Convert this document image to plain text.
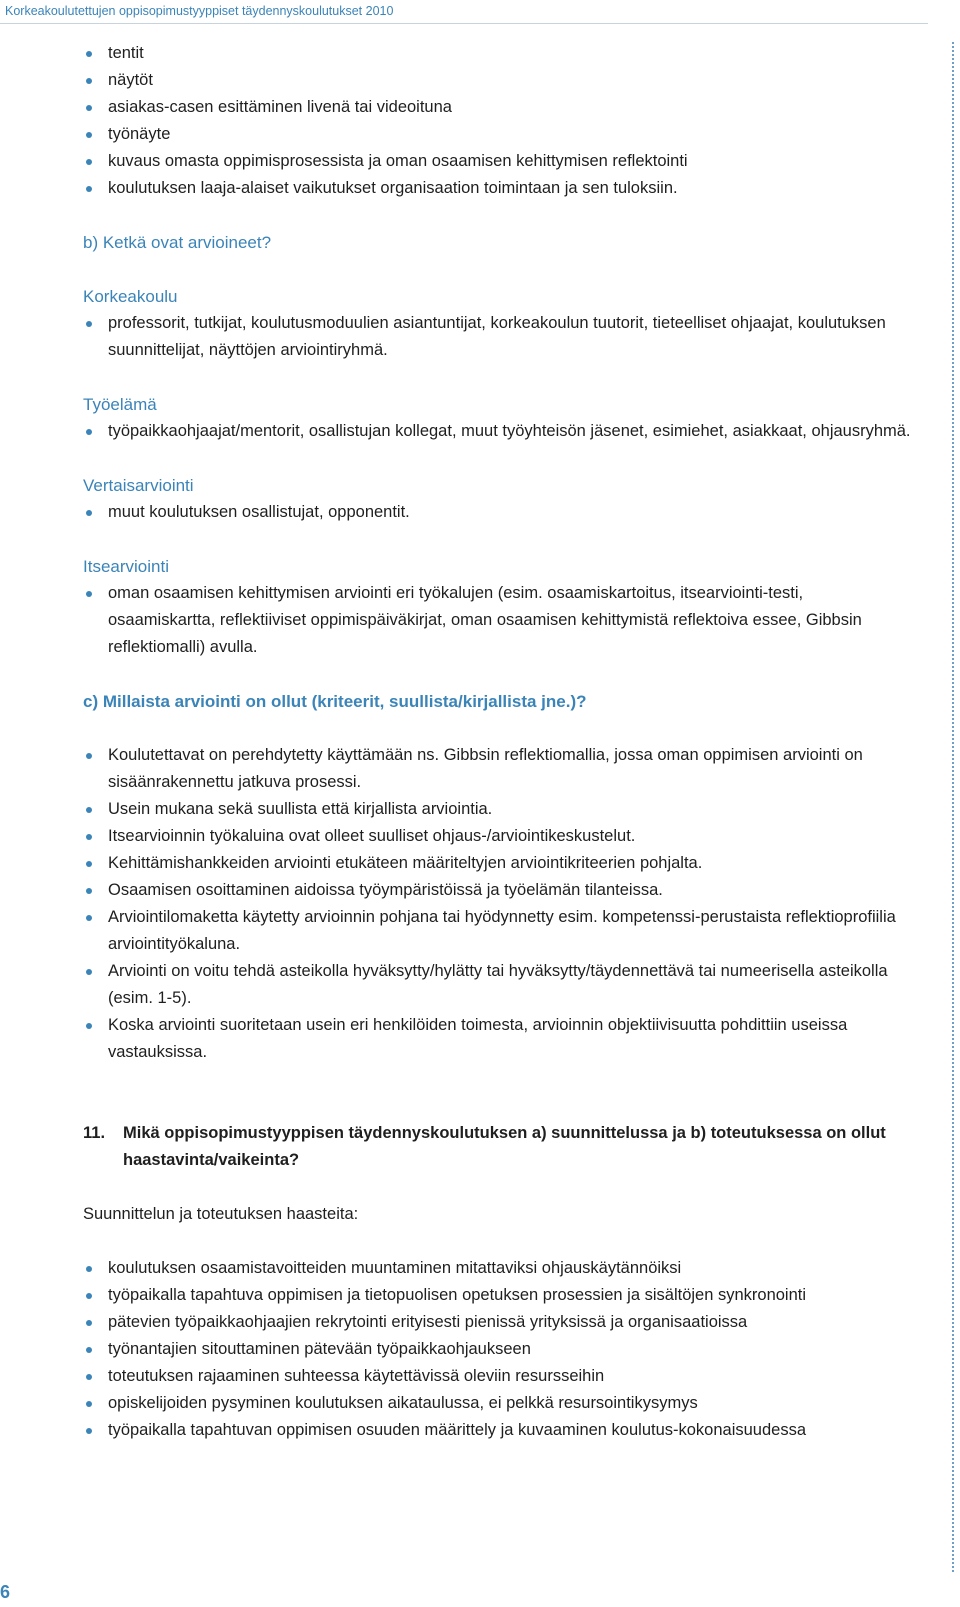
Korkeakoulutettujen oppisopimustyyppiset täydennyskoulutukset 2010
6
tentit
näytöt
asiakas-casen esittäminen livenä tai videoituna
työnäyte
kuvaus omasta oppimisprosessista ja oman osaamisen kehittymisen reflektointi
koulutuksen laaja-alaiset vaikutukset organisaation toimintaan ja sen tuloksiin.
b) Ketkä ovat arvioineet?
Korkeakoulu
professorit, tutkijat, koulutusmoduulien asiantuntijat, korkeakoulun tuutorit, tieteelliset ohjaajat, koulutuksen suunnittelijat, näyttöjen arviointiryhmä.
Työelämä
työpaikkaohjaajat/mentorit, osallistujan kollegat, muut työyhteisön jäsenet, esimiehet, asiakkaat, ohjausryhmä.
Vertaisarviointi
muut koulutuksen osallistujat, opponentit.
Itsearviointi
oman osaamisen kehittymisen arviointi eri työkalujen (esim. osaamiskartoitus, itsearviointi-testi, osaamiskartta, reflektiiviset oppimispäiväkirjat, oman osaamisen kehittymistä reflektoiva essee, Gibbsin reflektiomalli) avulla.
c) Millaista arviointi on ollut (kriteerit, suullista/kirjallista jne.)?
Koulutettavat on perehdytetty käyttämään ns. Gibbsin reflektiomallia, jossa oman oppimisen arviointi on sisäänrakennettu jatkuva prosessi.
Usein mukana sekä suullista että kirjallista arviointia.
Itsearvioinnin työkaluina ovat olleet suulliset ohjaus-/arviointikeskustelut.
Kehittämishankkeiden arviointi etukäteen määriteltyjen arviointikriteerien pohjalta.
Osaamisen osoittaminen aidoissa työympäristöissä ja työelämän tilanteissa.
Arviointilomaketta käytetty arvioinnin pohjana tai hyödynnetty esim. kompetenssi-perustaista reflektioprofiilia arviointityökaluna.
Arviointi on voitu tehdä asteikolla hyväksytty/hylätty tai hyväksytty/täydennettävä tai numeerisella asteikolla (esim. 1-5).
Koska arviointi suoritetaan usein eri henkilöiden toimesta, arvioinnin objektiivisuutta pohdittiin useissa vastauksissa.
11.	Mikä oppisopimustyyppisen täydennyskoulutuksen a) suunnittelussa ja b) toteutuksessa on ollut haastavinta/vaikeinta?
Suunnittelun ja toteutuksen haasteita:
koulutuksen osaamistavoitteiden muuntaminen mitattaviksi ohjauskäytännöiksi
työpaikalla tapahtuva oppimisen ja tietopuolisen opetuksen prosessien ja sisältöjen synkronointi
pätevien työpaikkaohjaajien rekrytointi erityisesti pienissä yrityksissä ja organisaatioissa
työnantajien sitouttaminen pätevään työpaikkaohjaukseen
toteutuksen rajaaminen suhteessa käytettävissä oleviin resursseihin
opiskelijoiden pysyminen koulutuksen aikataulussa, ei pelkkä resursointikysymys
työpaikalla tapahtuvan oppimisen osuuden määrittely ja kuvaaminen koulutus-kokonaisuudessa
